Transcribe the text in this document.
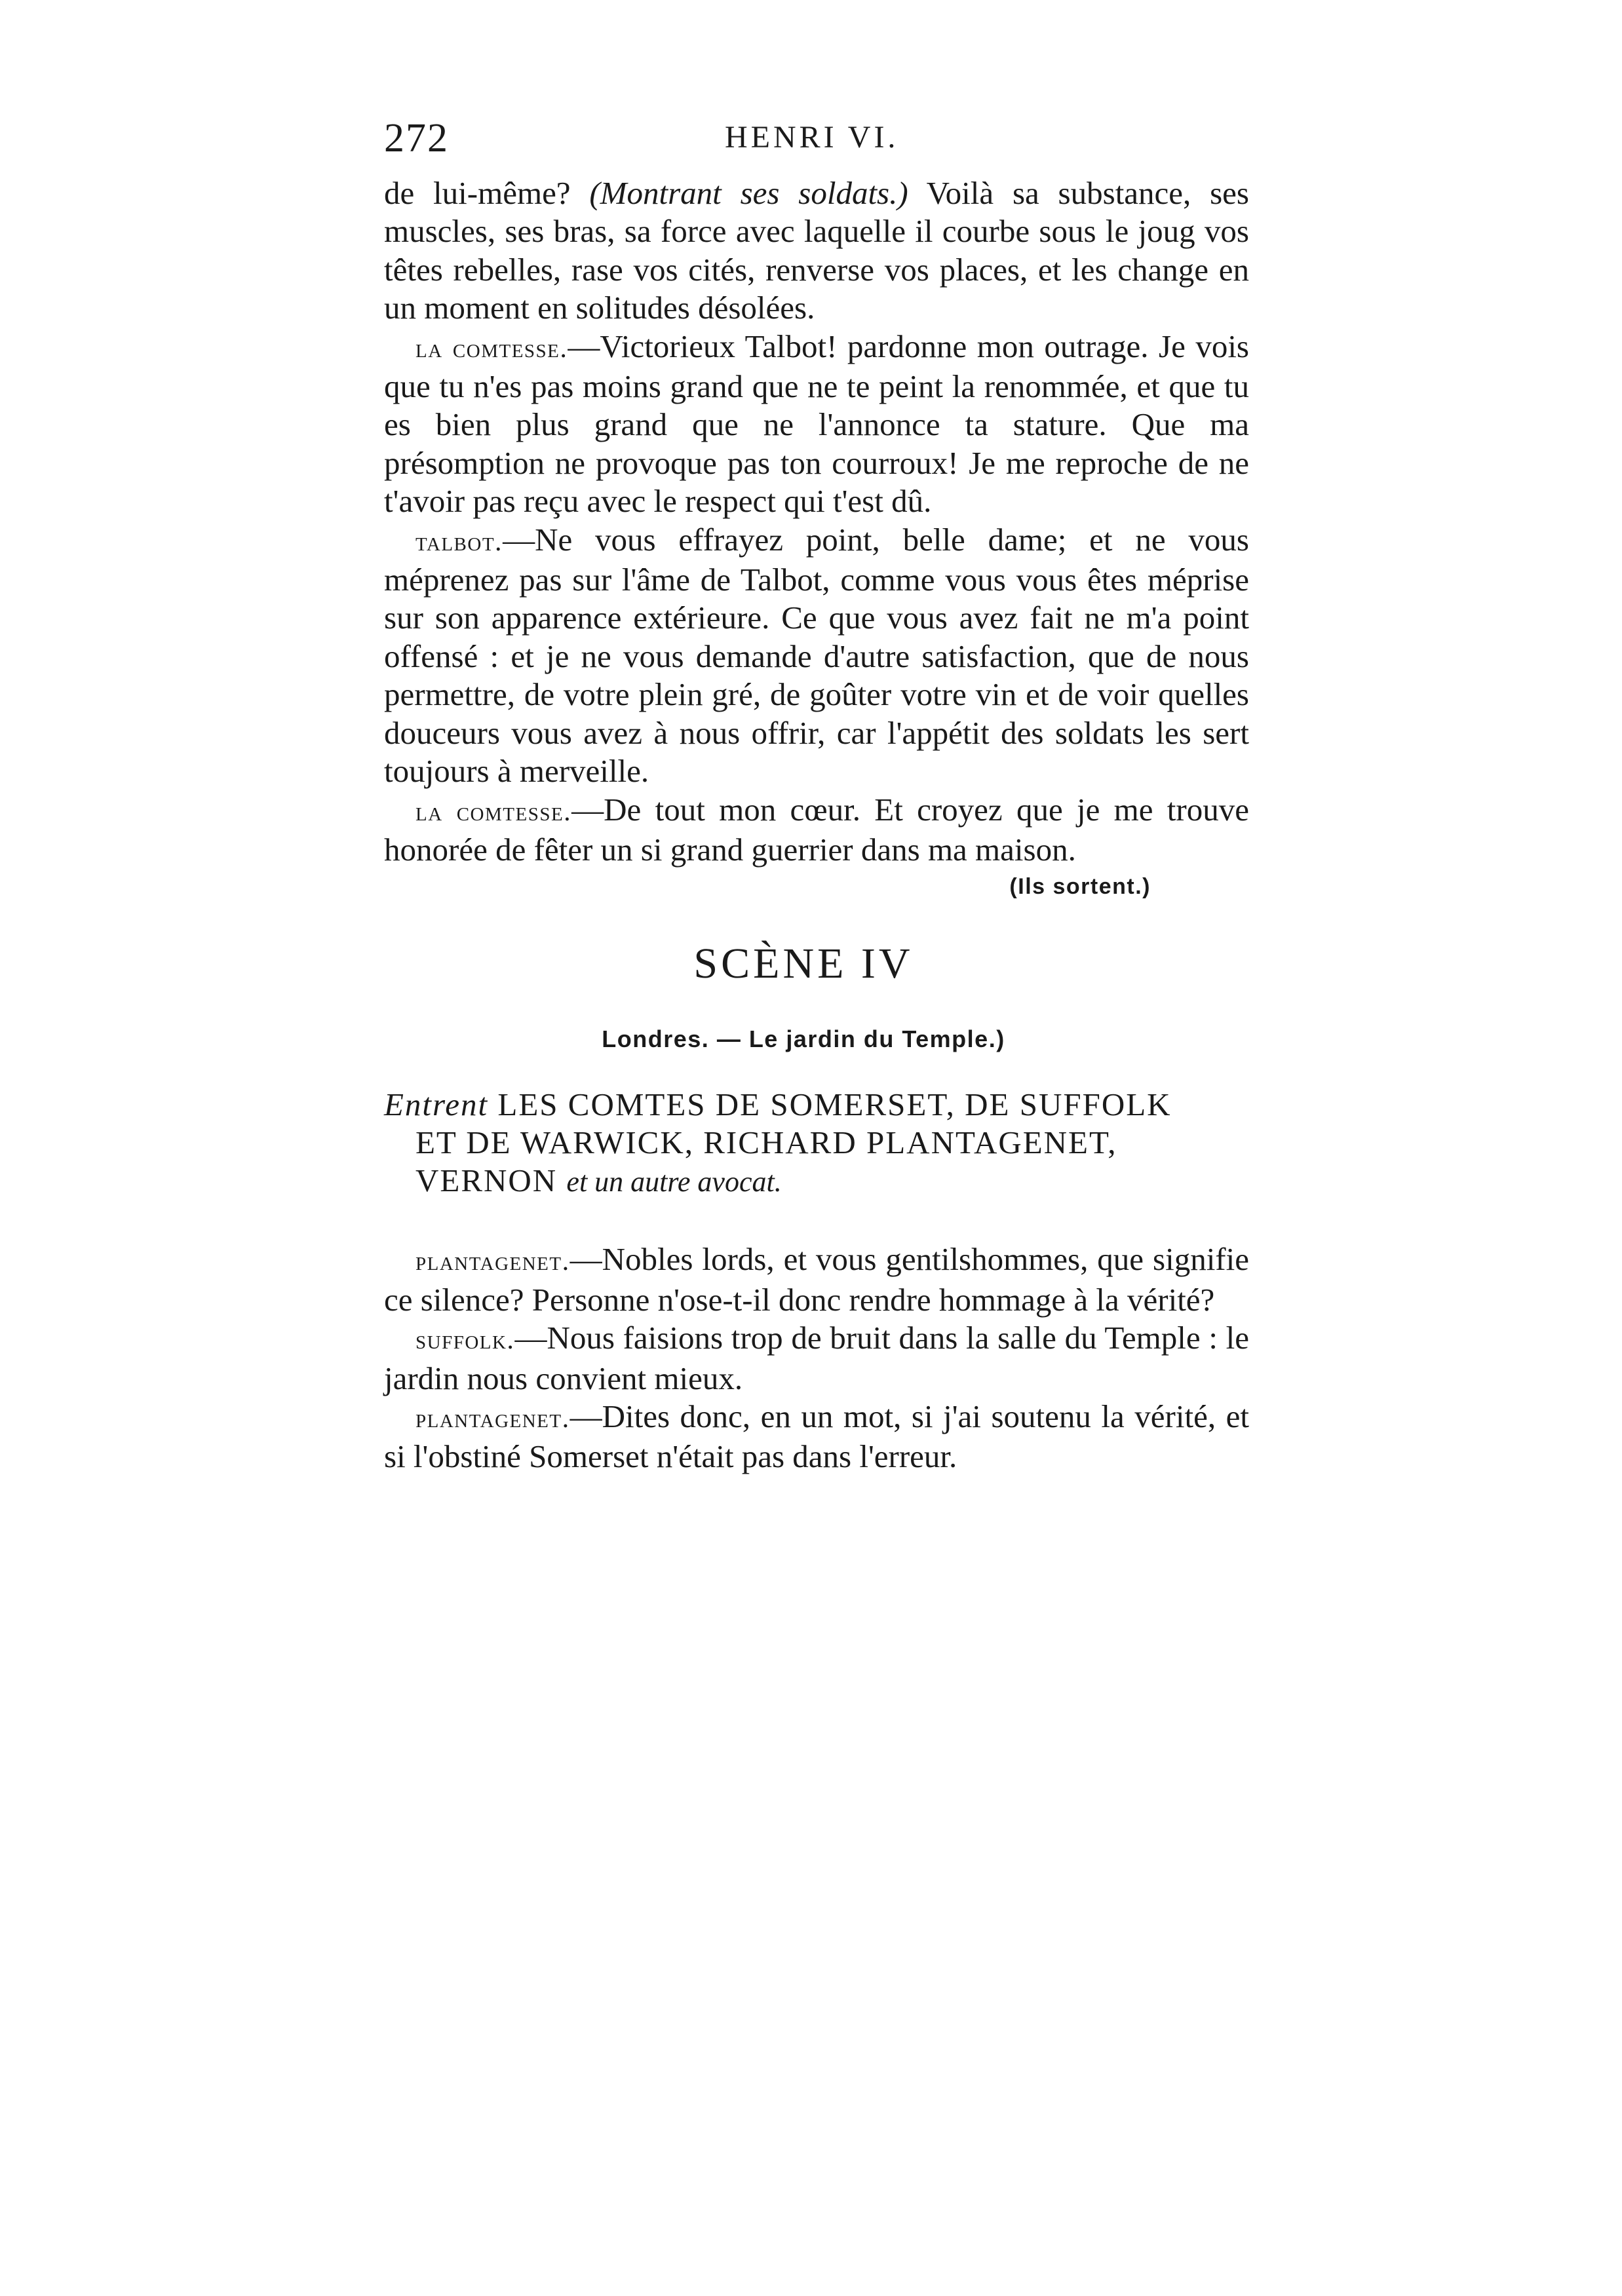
272	HENRI VI.

de lui-même? (Montrant ses soldats.) Voilà sa substance, ses muscles, ses bras, sa force avec laquelle il courbe sous le joug vos têtes rebelles, rase vos cités, renverse vos places, et les change en un moment en solitudes désolées.

la comtesse.—Victorieux Talbot! pardonne mon outrage. Je vois que tu n'es pas moins grand que ne te peint la renommée, et que tu es bien plus grand que ne l'annonce ta stature. Que ma présomption ne provoque pas ton courroux! Je me reproche de ne t'avoir pas reçu avec le respect qui t'est dû.

talbot.—Ne vous effrayez point, belle dame; et ne vous méprenez pas sur l'âme de Talbot, comme vous vous êtes méprise sur son apparence extérieure. Ce que vous avez fait ne m'a point offensé : et je ne vous demande d'autre satisfaction, que de nous permettre, de votre plein gré, de goûter votre vin et de voir quelles douceurs vous avez à nous offrir, car l'appétit des soldats les sert toujours à merveille.

la comtesse.—De tout mon cœur. Et croyez que je me trouve honorée de fêter un si grand guerrier dans ma maison.

(Ils sortent.)
SCÈNE IV
Londres. — Le jardin du Temple.)
Entrent LES COMTES DE SOMERSET, DE SUFFOLK
ET DE WARWICK, RICHARD PLANTAGENET,
VERNON et un autre avocat.

plantagenet.—Nobles lords, et vous gentilshommes, que signifie ce silence? Personne n'ose-t-il donc rendre hommage à la vérité?

suffolk.—Nous faisions trop de bruit dans la salle du Temple : le jardin nous convient mieux.

plantagenet.—Dites donc, en un mot, si j'ai soutenu la vérité, et si l'obstiné Somerset n'était pas dans l'erreur.
